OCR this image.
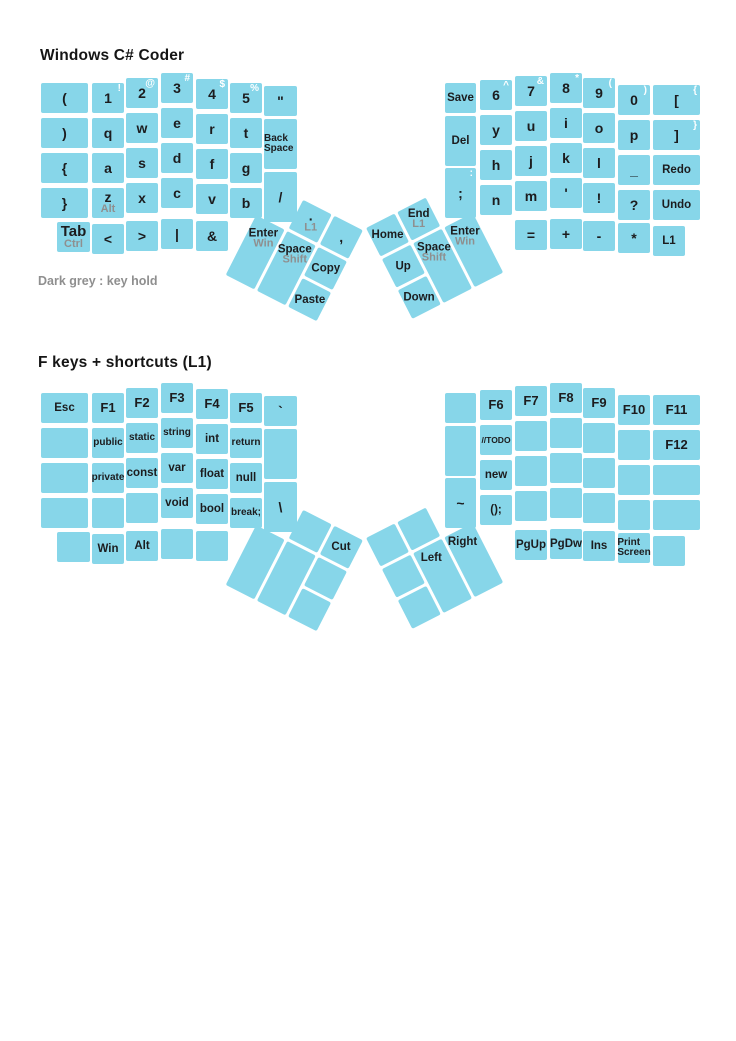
Windows C# Coder
Dark grey : key hold
F keys + shortcuts (L1)
(
)
{
}
Tab
Ctrl
1
!
q
a
z
Alt
<
2
@
w
s
x
>
3
#
e
d
c
|
4
$
r
f
v
&
5
%
t
g
b
"
Back Space
/
Save
Del
;
:
6
^
y
h
n
7
&
u
j
m
=
8
*
i
k
'
+
9
(
o
l
!
-
0
)
p
_
?
*
[
{
]
}
Redo
Undo
L1
.
L1
,
Enter
Win Space
Shift
Copy
Paste
Home
End
L1
Up
Space
Shift
Enter
Win
Down
Esc F1
public
private
Win
F2
static
const
Alt
F3
string
var
void
F4
int
float
bool
F5
return
null
break;
`
\	~
F6
//TODO
new
();
F7
PgUp
F8
PgDw
F9
Ins
F10
Print Screen
F11
F12
Cut
Left
Right
